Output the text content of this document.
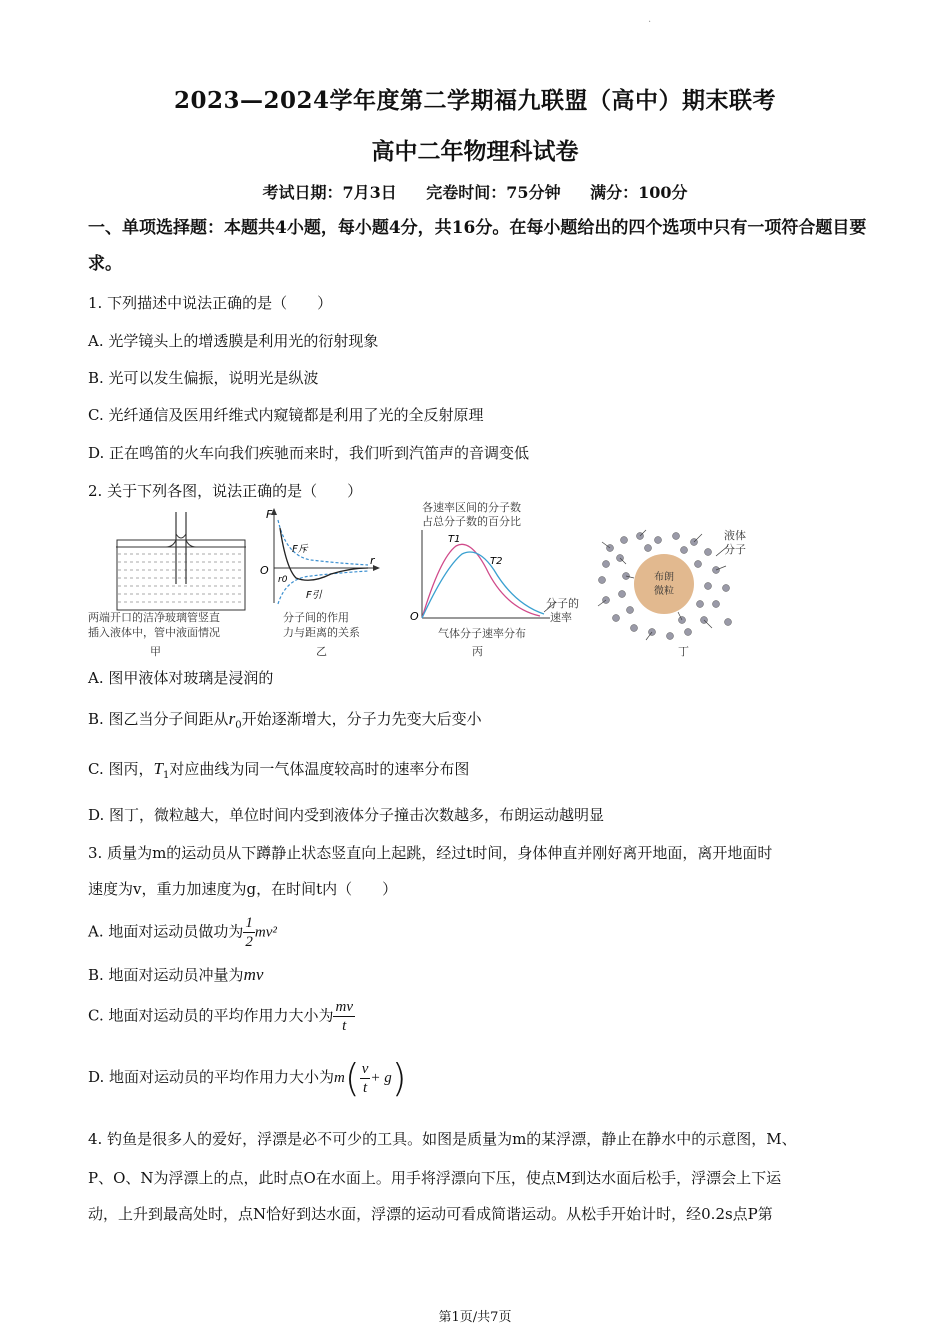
.
2023—2024学年度第二学期福九联盟（高中）期末联考
高中二年物理科试卷
考试日期：7月3日 完卷时间：75分钟 满分：100分
一、单项选择题：本题共4小题，每小题4分，共16分。在每小题给出的四个选项中只有一项符合题目要求。
1. 下列描述中说法正确的是（　　）
A. 光学镜头上的增透膜是利用光的衍射现象
B. 光可以发生偏振，说明光是纵波
C. 光纤通信及医用纤维式内窥镜都是利用了光的全反射原理
D. 正在鸣笛的火车向我们疾驰而来时，我们听到汽笛声的音调变低
2. 关于下列各图，说法正确的是（　　）
两端开口的洁净玻璃管竖直
插入液体中，管中液面情况
甲
F
r
O
r0
F斥
F引
分子间的作用
力与距离的关系
乙
各速率区间的分子数
占总分子数的百分比
T1
T2
O
分子的
速率
气体分子速率分布
丙
布朗
微粒
液体
分子
丁
A. 图甲液体对玻璃是浸润的
B. 图乙当分子间距从$r_0$开始逐渐增大，分子力先变大后变小
C. 图丙，$T_1$对应曲线为同一气体温度较高时的速率分布图
D. 图丁，微粒越大，单位时间内受到液体分子撞击次数越多，布朗运动越明显
3. 质量为m的运动员从下蹲静止状态竖直向上起跳，经过t时间，身体伸直并刚好离开地面，离开地面时
速度为v，重力加速度为g，在时间t内（　　）
A. 地面对运动员做功为 $\frac{1}{2} mv^2$
B. 地面对运动员冲量为mv
C. 地面对运动员的平均作用力大小为 $\frac{mv}{t}$
D. 地面对运动员的平均作用力大小为$m( \frac{v}{t} + g)$
4. 钓鱼是很多人的爱好，浮漂是必不可少的工具。如图是质量为m的某浮漂，静止在静水中的示意图，M、
P、O、N为浮漂上的点，此时点O在水面上。用手将浮漂向下压，使点M到达水面后松手，浮漂会上下运
动，上升到最高处时，点N恰好到达水面，浮漂的运动可看成简谐运动。从松手开始计时，经0.2s点P第
第1页/共7页
